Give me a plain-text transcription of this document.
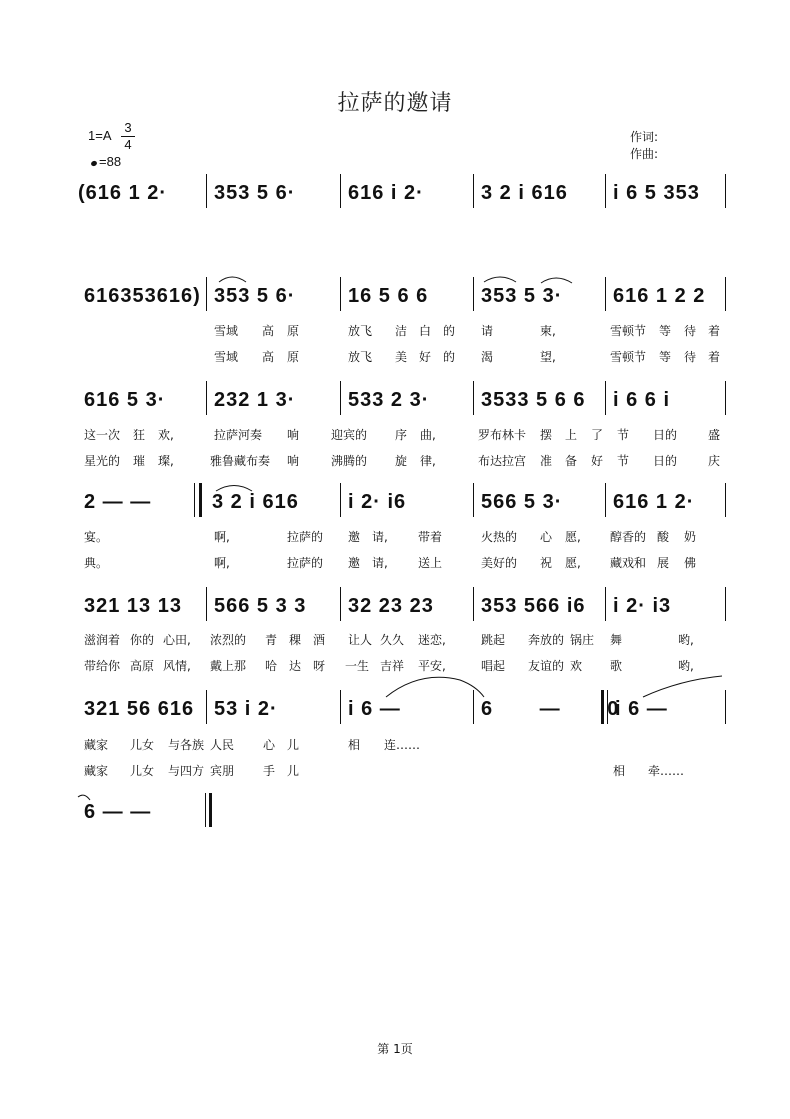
拉萨的邀请
$1=A \frac{3}{4}$
=88
作词:
作曲:
(616 1 2· 353 5 6·	616 i 2·	3 2 i 616 i 6 5 353
616353616) 353 5 6·	16 5 6 6	353 5 3·	616 1 2 2
雪域 高 原	放飞 洁 白 的 请	柬,	雪顿节 等 待 着
雪域 高 原	放飞 美 好 的 渴	望,	雪顿节 等 待 着
616 5 3· 232 1 3·	533 2 3·	3533 5 6 6 i 6 6 i
这一次 狂 欢,	拉萨河奏 响	迎宾的 序 曲,	罗布林卡 摆 上 了 节 日的	盛
星光的 璀 璨,	雅鲁藏布奏 响	沸腾的 旋 律,	布达拉宫 准 备 好 节 日的	庆
2 — —	3 2 i 616 i 2· i6	566 5 3·	616 1 2·
宴。	啊,	拉萨的 邀 请,	带着	火热的 心 愿, 醇香的 酸 奶
典。	啊,	拉萨的 邀 请,	送上	美好的 祝 愿, 藏戏和 展 佛
321 13 13 566 5 3 3 32 23 23 353 566 i6 i 2· i3
滋润着 你的 心田, 浓烈的 青 稞 酒 让人 久久 迷恋,	跳起 奔放的 锅庄 舞	哟,
带给你 高原 风情, 戴上那 哈 达 呀 一生 吉祥 平安,	唱起 友谊的 欢 歌	哟,
321 56 616 53 i 2·	i 6 —	6 — 0
i 6 —
藏家 儿女 与各族 人民 心 儿	相 连……
藏家 儿女 与四方 宾朋 手 儿	相 牵……
6 — —
第 1页
